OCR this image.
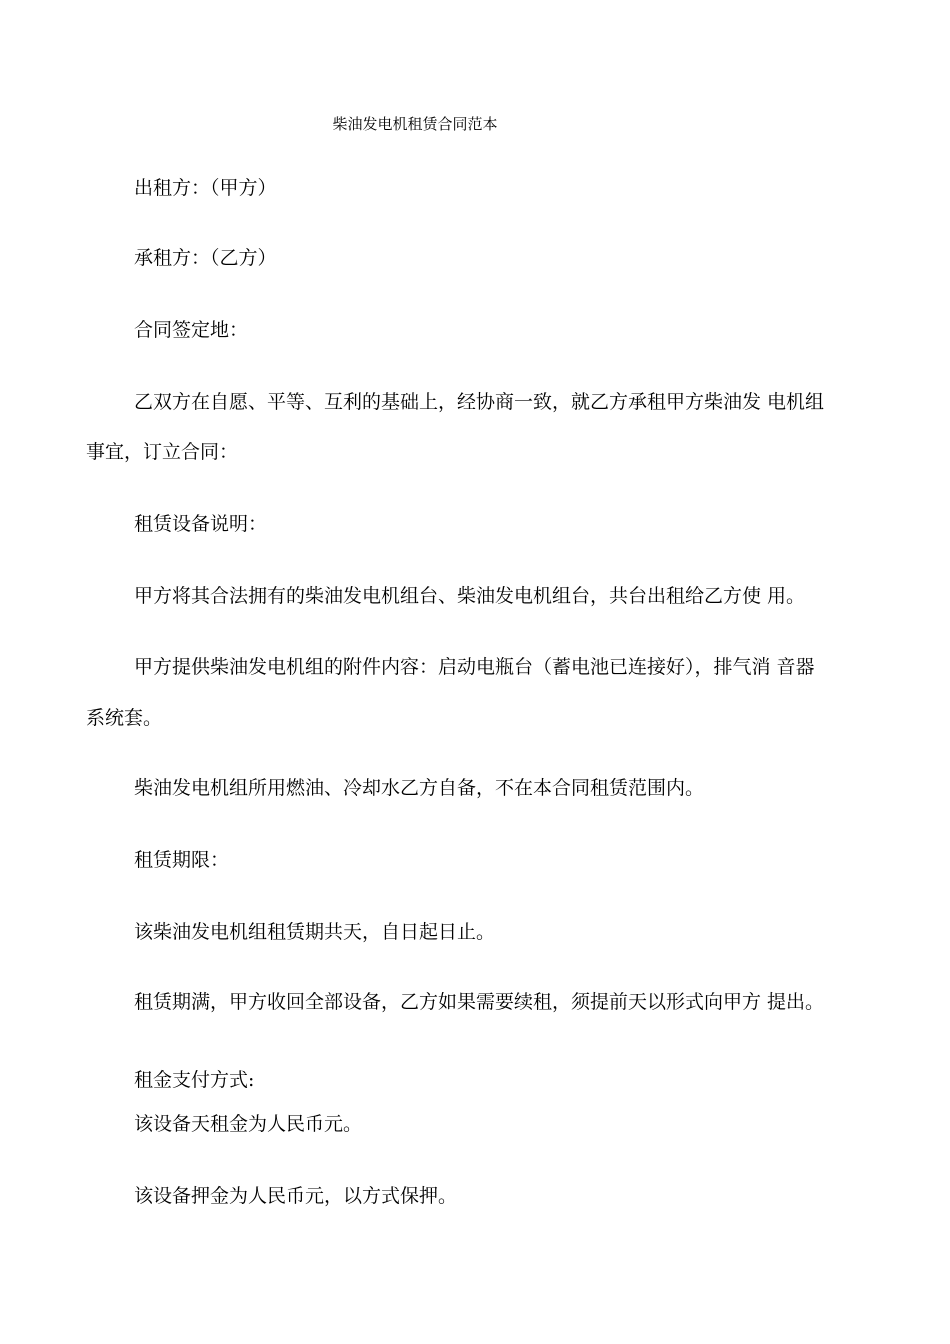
柴油发电机租赁合同范本
出租方：（甲方）
承租方：（乙方）
合同签定地：
乙双方在自愿、平等、互利的基础上，经协商一致，就乙方承租甲方柴油发 电机组
事宜，订立合同：
租赁设备说明：
甲方将其合法拥有的柴油发电机组台、柴油发电机组台，共台出租给乙方使 用。
甲方提供柴油发电机组的附件内容：启动电瓶台（蓄电池已连接好），排气消 音器
系统套。
柴油发电机组所用燃油、冷却水乙方自备，不在本合同租赁范围内。
租赁期限：
该柴油发电机组租赁期共天，自日起日止。
租赁期满，甲方收回全部设备，乙方如果需要续租，须提前天以形式向甲方 提出。
租金支付方式:
该设备天租金为人民币元。
该设备押金为人民币元，以方式保押。
